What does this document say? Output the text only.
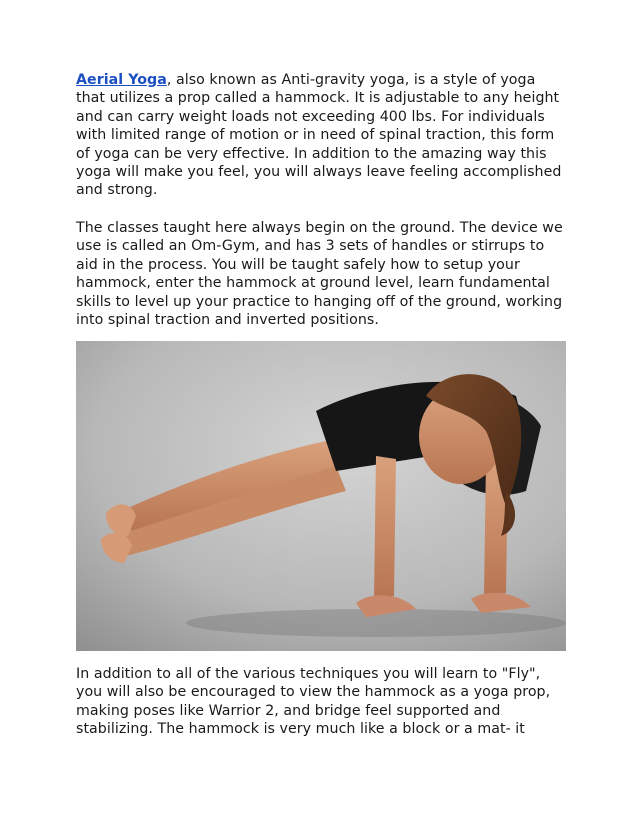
Aerial Yoga, also known as Anti-gravity yoga, is a style of yoga that utilizes a prop called a hammock. It is adjustable to any height and can carry weight loads not exceeding 400 lbs. For individuals with limited range of motion or in need of spinal traction, this form of yoga can be very effective. In addition to the amazing way this yoga will make you feel, you will always leave feeling accomplished and strong.

The classes taught here always begin on the ground. The device we use is called an Om-Gym, and has 3 sets of handles or stirrups to aid in the process. You will be taught safely how to setup your hammock, enter the hammock at ground level, learn fundamental skills to level up your practice to hanging off of the ground, working into spinal traction and inverted positions.

In addition to all of the various techniques you will learn to "Fly", you will also be encouraged to view the hammock as a yoga prop, making poses like Warrior 2, and bridge feel supported and stabilizing. The hammock is very much like a block or a mat- it
